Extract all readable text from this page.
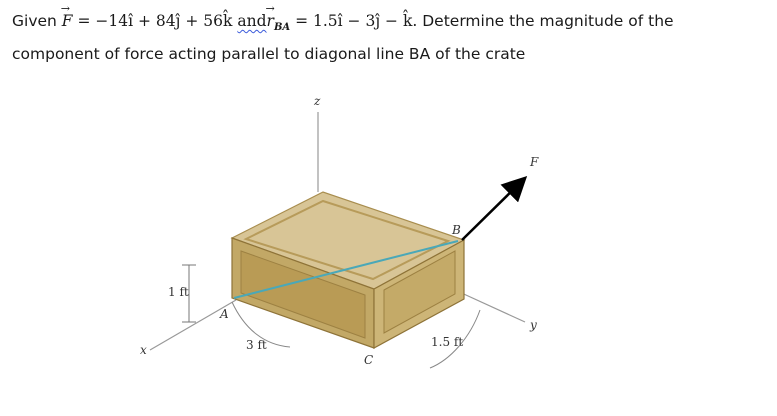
Given → F = −14î + 84ĵ + 56k̂ $and\to r_{BA}$ = 1.5î − 3ĵ − k̂. Determine the magnitude of the
component of force acting parallel to diagonal line BA of the crate
z
x
y
F
B
A
C
1 ft
3 ft	1.5 ft
